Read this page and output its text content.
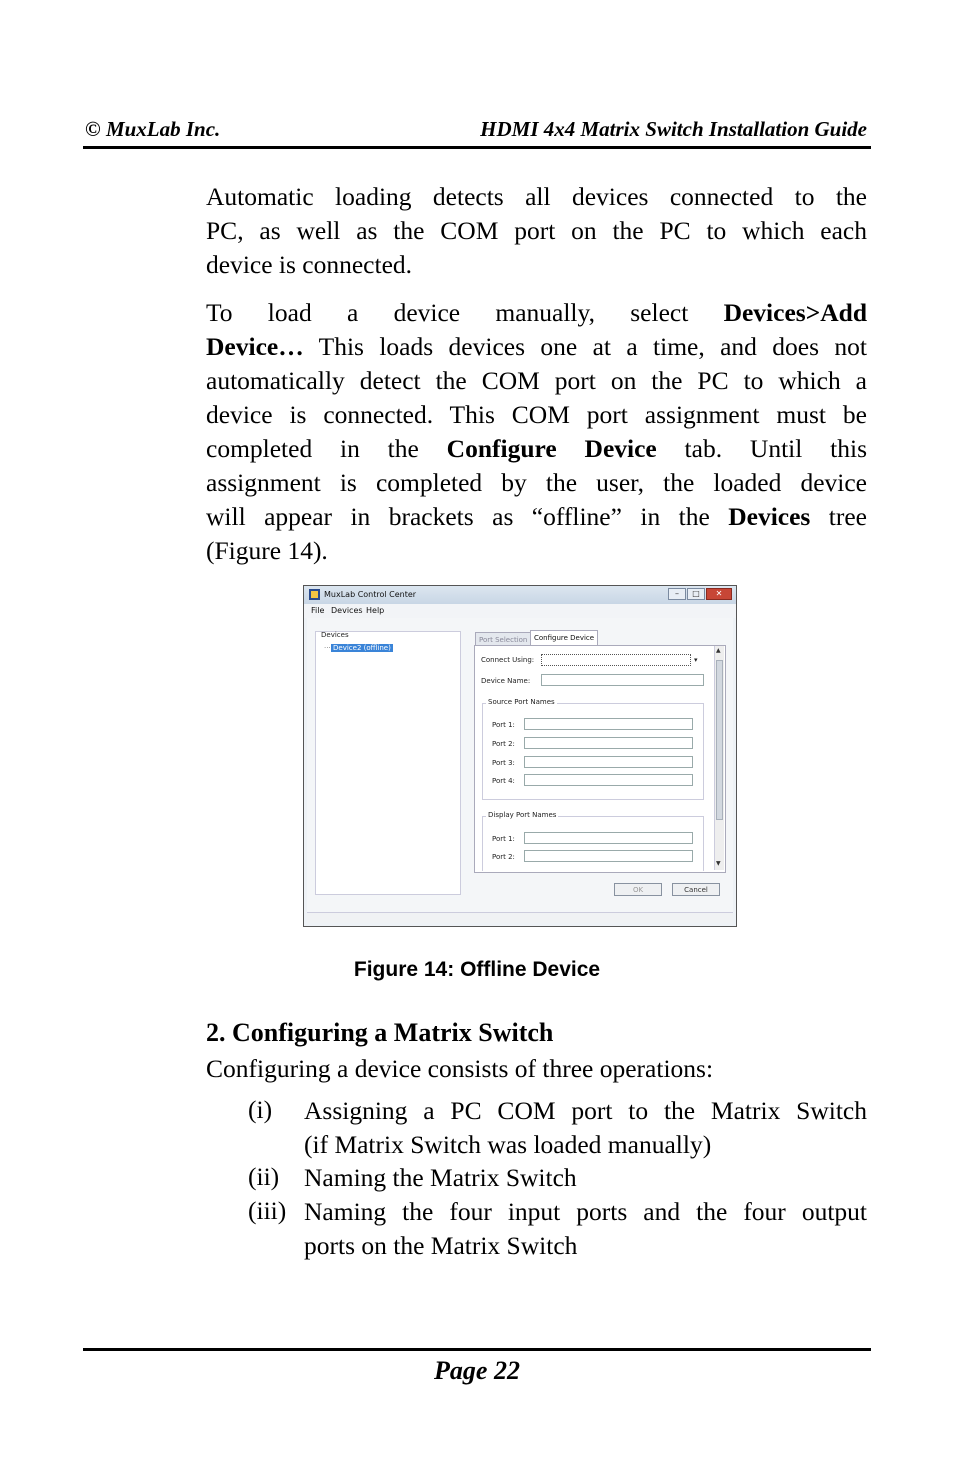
© MuxLab Inc.	HDMI 4x4 Matrix Switch Installation Guide
Automatic loading detects all devices connected to the
PC, as well as the COM port on the PC to which each
device is connected.
To load a device manually, select Devices>Add
Device… This loads devices one at a time, and does not
automatically detect the COM port on the PC to which a
device is connected. This COM port assignment must be
completed in the Configure Device tab. Until this
assignment is completed by the user, the loaded device
will appear in brackets as “offline” in the Devices tree
(Figure 14).
MuxLab Control Center	–	□	✕
File Devices Help
Devices
··· Device2 (offline)
Port Selection Configure Device
Connect Using:	▾
Device Name:
Source Port Names
Port 1:
Port 2:
Port 3:
Port 4:
Display Port Names
Port 1:
Port 2:
▲
▼
OK	Cancel
Figure 14: Offline Device
2. Configuring a Matrix Switch
Configuring a device consists of three operations:
(i) Assigning a PC COM port to the Matrix Switch
(if Matrix Switch was loaded manually)
(ii) Naming the Matrix Switch
(iii) Naming the four input ports and the four output
ports on the Matrix Switch
Page 22
